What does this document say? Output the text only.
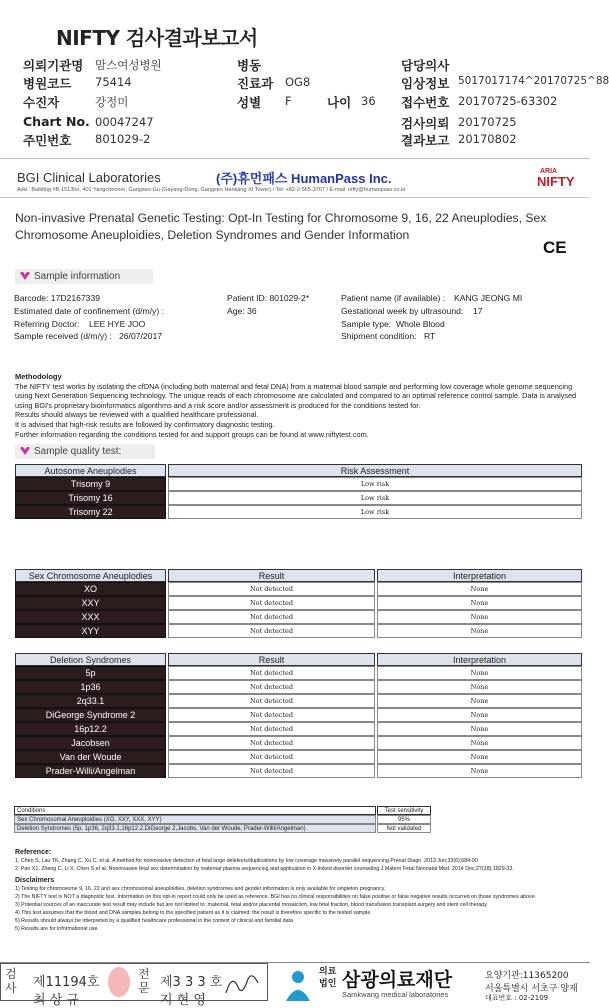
NIFTY 검사결과보고서
의뢰기관명 맘스여성병원
병원코드 75414
수진자	강정미
Chart No. 00047247
주민번호 801029-2
병동
진료과 OG8
성별 F	나이 36
담당의사
임상정보 5017017174^20170725^88
접수번호 20170725-63302
검사의뢰 20170725
결과보고 20170802
BGI Clinical Laboratories	(주)휴먼패스 HumanPass Inc.
Add.: Building #B-1513ho, 401 Yangcheonro, Gangseo-Gu (Gayang-Dong, Gangseo Hankang XI Tower) / Tel: +82-2-565-3767 / E-mail: nifty@humanpass.co.kr
ARIA
NIFTY
Non-invasive Prenatal Genetic Testing: Opt-In Testing for Chromosome 9, 16, 22 Aneuplodies, Sex Chromosome Aneuploidies, Deletion Syndromes and Gender Information
CE
Sample information
Barcode: 17D2167339
Estimated date of confinement (d/m/y) :
Referring Doctor: LEE HYE JOO
Sample received (d/m/y) : 26/07/2017
Patient ID: 801029-2*
Age: 36
Patient name (if available) : KANG JEONG MI
Gestational week by ultrasound: 17
Sample type: Whole Blood
Shipment condition: RT
Methodology
The NIFTY test works by isolating the cfDNA (including both maternal and fetal DNA) from a maternal blood sample and performing low coverage whole genome sequencing using Next Generation Sequencing technology. The unique reads of each chromosome are calculated and compared to an optimal reference control sample. Data is analysed using BGI's proprietary bioinformatics algorithms and a risk score and/or assessment is produced for the conditions tested for.
Results should always be reviewed with a qualified healthcare professional.
It is advised that high-risk results are followed by confirmatory diagnostic testing.
Further information regarding the conditions tested for and support groups can be found at www.niftytest.com.
Sample quality test:
Autosome Aneuplodies	Risk Assessment
Trisomy 9	Low risk
Trisomy 16	Low risk
Trisomy 22	Low risk
Sex Chromosome Aneuplodies	Result	Interpretation
XO	Not detected	None
XXY	Not detected	None
XXX	Not detected	None
XYY	Not detected	None
Deletion Syndromes	Result	Interpretation
5p	Not detected	None
1p36	Not detected	None
2q33.1	Not detected	None
DiGeorge Syndrome 2	Not detected	None
16p12.2	Not detected	None
Jacobsen	Not detected	None
Van der Woude	Not detected	None
Prader-Willi/Angelman	Not detected	None
Conditions	Test sensitivity
Sex Chromosomal Aneuploidies (XO, XXY, XXX, XYY)	95%
Deletion Syndromes (5p, 1p36, 2q33.1,16p12.2,DiGeorge 2,Jacobs, Van der Woude, Prader-Willi/Angelman)	Not validated
Reference:
1. Chen S, Lau TK, Zhang C, Xu C, et al. A method for noninvasive detection of fetal large deletions/duplications by low coverage massively parallel sequencing.Prenat Diagn. 2013 Jun;33(6):584-90
2. Pan X1, Zhang C, Li X, Chen S,et al. Noninvasive fetal sex determination by maternal plasma sequencing and application in X-linked disorder counseling.J Matern Fetal Neonatal Med. 2014 Dec;27(18):1829-33.
Disclaimers
1) Testing for chromosome 9, 16, 22 and sex chromosomal aneuploidies, deletion syndromes and gender information is only available for singleton pregnancy.
2) The NIFTY test is NOT a diagnostic test. Information on this opt-in report could only be used as reference. BGI has no clinical responsibilities on false positive or false negative results occurred on those syndromes above.
3) Potential sources of an inaccurate test result may include but are not limited to: maternal, fetal and/or placental mosaicism, low fetal fraction, blood transfusion,transplant surgery and stem cell therapy
4) This test assumes that the blood and DNA samples belong to the specified patient as it is claimed; the result is therefore specific to the tested sample.
5) Results should always be interpreted by a qualified healthcare professional in the context of clinical and familial data
5) Results are for informational use.
검사 제11194호
최 상 규
전문 제3 3 3 호
지 현 영
의료
법인 삼광의료재단
Samkwang medical laboratories
요양기관:11365200
서울특별시 서초구 양재
대표번호 : 02-2109
